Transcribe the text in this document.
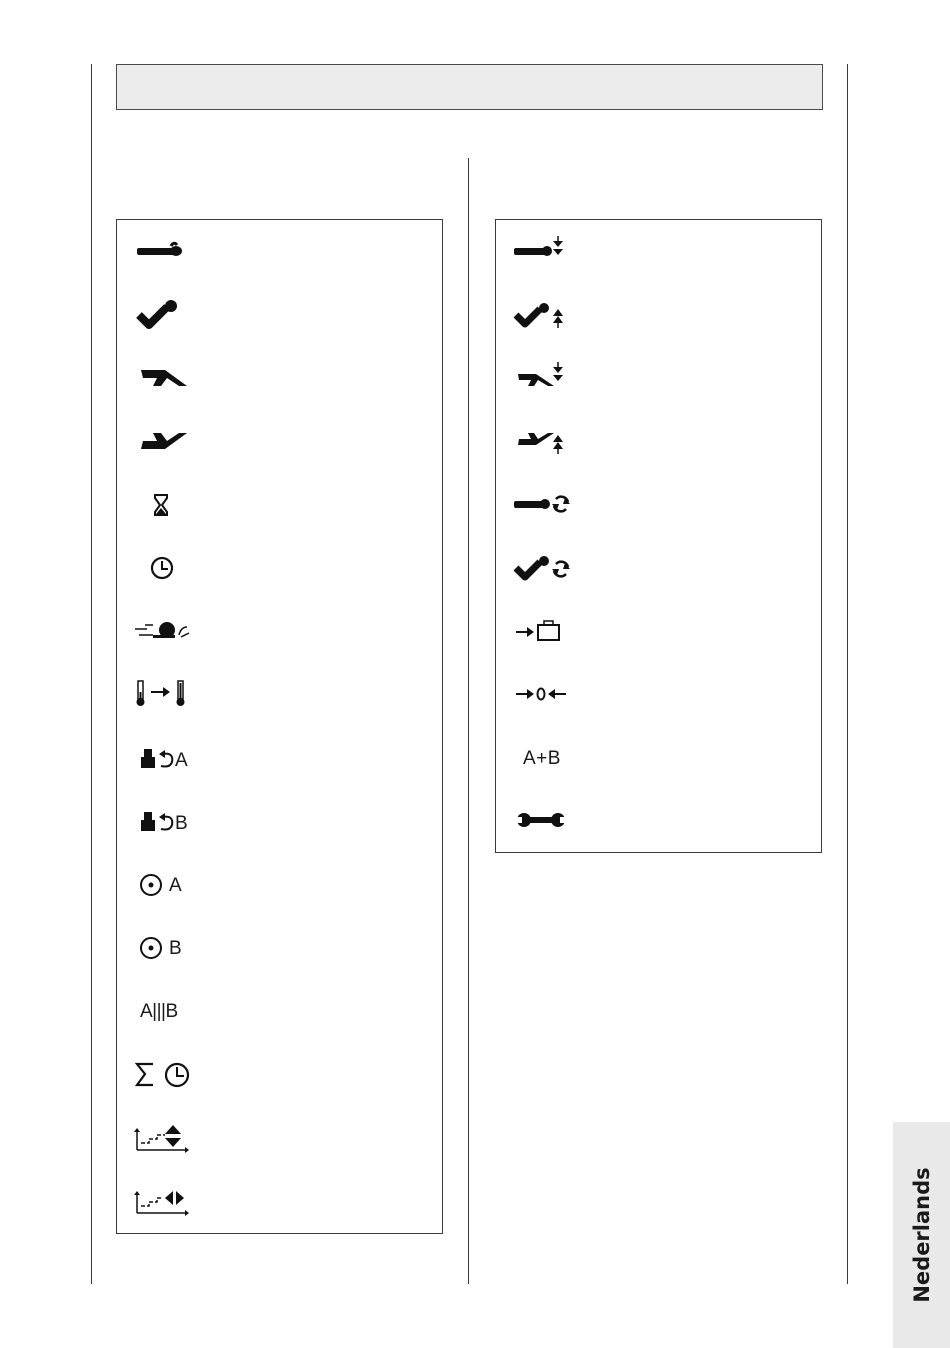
A
B
A
B
A|||B
A+B
Nederlands
